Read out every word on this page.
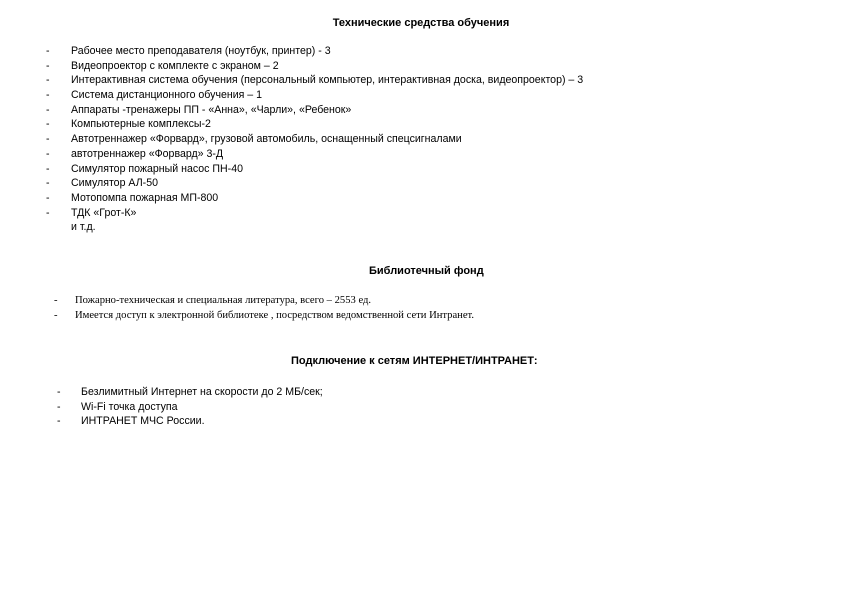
Технические средства обучения
- Рабочее место преподавателя (ноутбук, принтер) - 3
- Видеопроектор с комплекте с экраном – 2
- Интерактивная система обучения (персональный компьютер, интерактивная доска, видеопроектор) – 3
- Система дистанционного обучения – 1
- Аппараты -тренажеры ПП - «Анна», «Чарли», «Ребенок»
- Компьютерные комплексы-2
- Автотреннажер «Форвард», грузовой автомобиль, оснащенный спецсигналами
- автотреннажер «Форвард» 3-Д
- Симулятор пожарный насос ПН-40
- Симулятор АЛ-50
- Мотопомпа пожарная МП-800
- ТДК «Грот-К»
и т.д.
Библиотечный фонд
- Пожарно-техническая и специальная литература, всего – 2553 ед.
- Имеется доступ к электронной библиотеке , посредством ведомственной сети Интранет.
Подключение к сетям ИНТЕРНЕТ/ИНТРАНЕТ:
- Безлимитный Интернет на скорости до 2 МБ/сек;
- Wi-Fi точка доступа
- ИНТРАНЕТ МЧС России.
